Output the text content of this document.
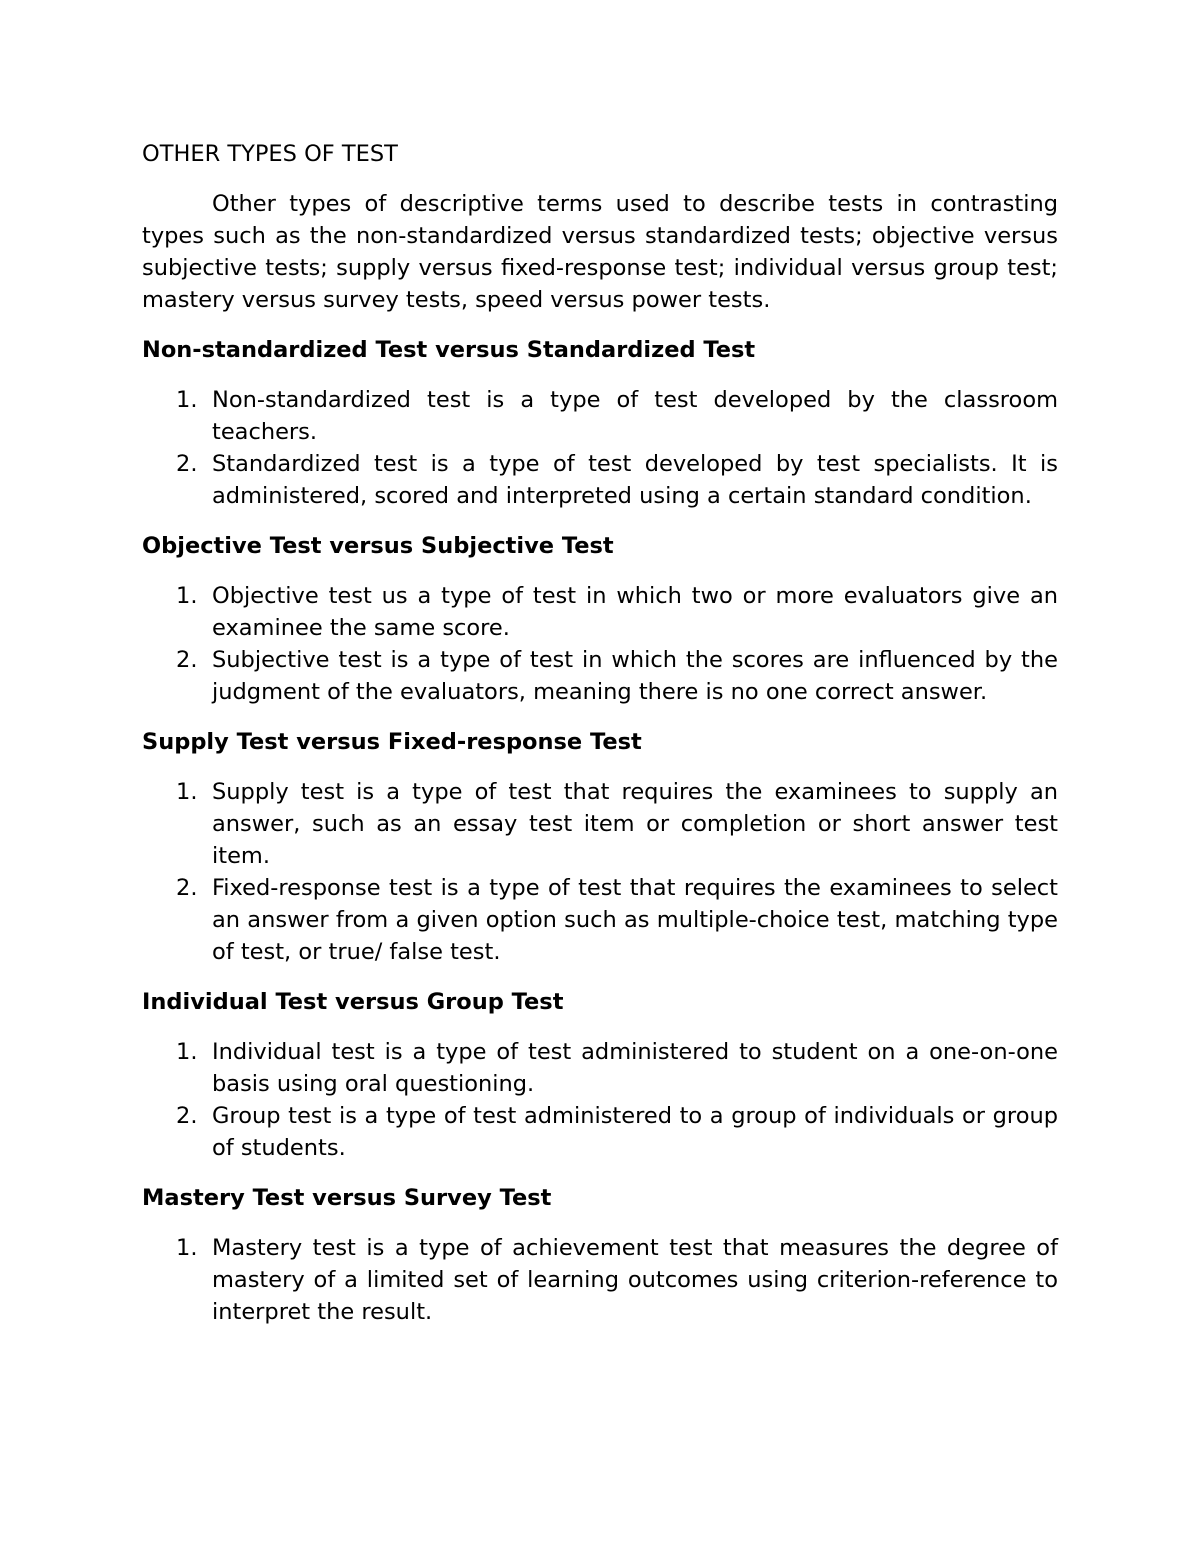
OTHER TYPES OF TEST

Other types of descriptive terms used to describe tests in contrasting types such as the non-standardized versus standardized tests; objective versus subjective tests; supply versus fixed-response test; individual versus group test; mastery versus survey tests, speed versus power tests.

Non-standardized Test versus Standardized Test
1. Non-standardized test is a type of test developed by the classroom teachers.
2. Standardized test is a type of test developed by test specialists. It is administered, scored and interpreted using a certain standard condition.
Objective Test versus Subjective Test
1. Objective test us a type of test in which two or more evaluators give an examinee the same score.
2. Subjective test is a type of test in which the scores are influenced by the judgment of the evaluators, meaning there is no one correct answer.
Supply Test versus Fixed-response Test
1. Supply test is a type of test that requires the examinees to supply an answer, such as an essay test item or completion or short answer test item.
2. Fixed-response test is a type of test that requires the examinees to select an answer from a given option such as multiple-choice test, matching type of test, or true/ false test.
Individual Test versus Group Test
1. Individual test is a type of test administered to student on a one-on-one basis using oral questioning.
2. Group test is a type of test administered to a group of individuals or group of students.
Mastery Test versus Survey Test
1. Mastery test is a type of achievement test that measures the degree of mastery of a limited set of learning outcomes using criterion-reference to interpret the result.
